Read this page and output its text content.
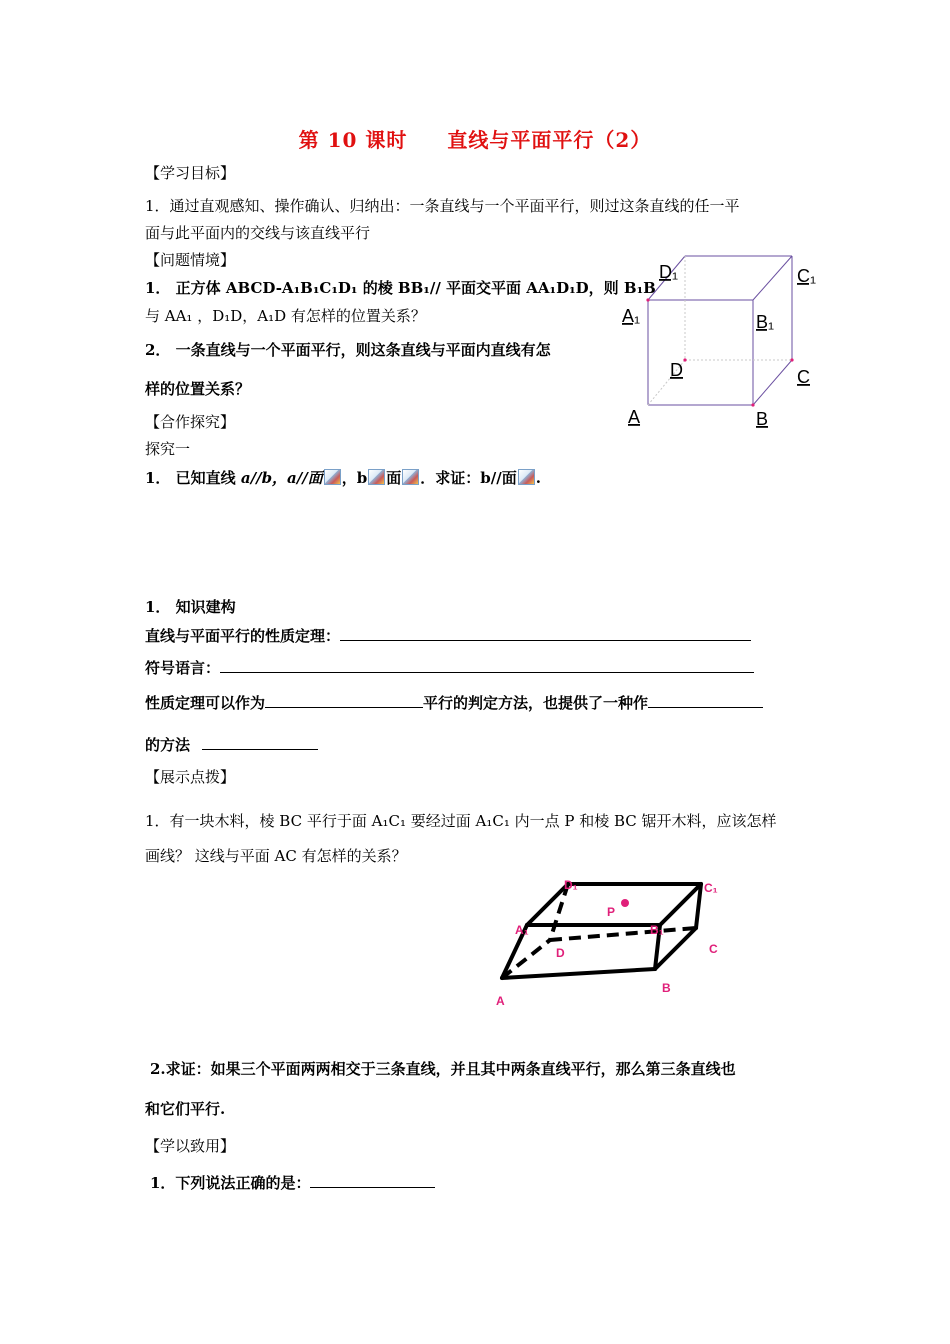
第 10 课时 直线与平面平行（2）
【学习目标】
1．通过直观感知、操作确认、归纳出：一条直线与一个平面平行，则过这条直线的任一平
面与此平面内的交线与该直线平行
【问题情境】
1． 正方体 ABCD-A₁B₁C₁D₁ 的棱 BB₁// 平面交平面 AA₁D₁D，则 B₁B
与 AA₁ ，D₁D，A₁D 有怎样的位置关系？
2． 一条直线与一个平面平行，则这条直线与平面内直线有怎
样的位置关系？
【合作探究】
探究一
1． 已知直线 a//b，a//面 ，b 面 ．求证：b//面 .
1． 知识建构
直线与平面平行的性质定理：
符号语言：
性质定理可以作为	平行的判定方法，也提供了一种作
的方法
【展示点拨】
1．有一块木料，棱 BC 平行于面 A₁C₁ 要经过面 A₁C₁ 内一点 P 和棱 BC 锯开木料，应该怎样
画线？ 这线与平面 AC 有怎样的关系？
2.求证：如果三个平面两两相交于三条直线，并且其中两条直线平行，那么第三条直线也
和它们平行.
【学以致用】
1．下列说法正确的是：
D₁	C₁
A₁	B₁
D	C
A	B
D₁	C₁
P
A₁	B₁
D	C
A
B
